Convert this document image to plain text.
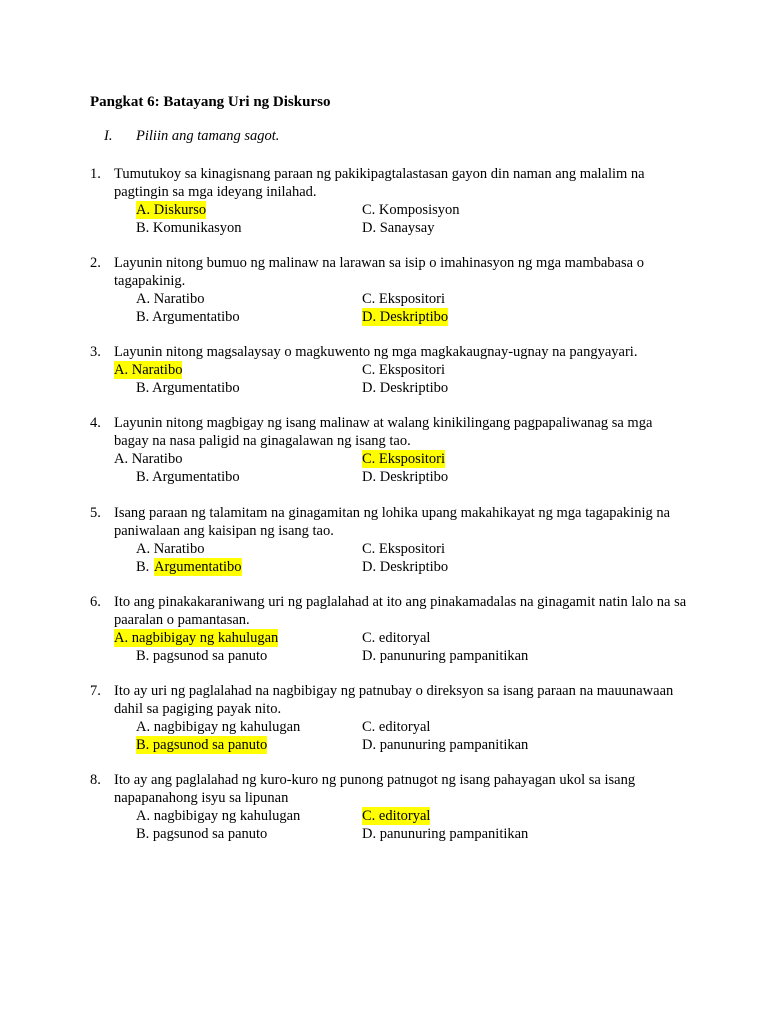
Pangkat 6: Batayang Uri ng Diskurso
I. Piliin ang tamang sagot.
1. Tumutukoy sa kinagisnang paraan ng pakikipagtalastasan gayon din naman ang malalim na pagtingin sa mga ideyang inilahad.
A. Diskurso	C. Komposisyon
B. Komunikasyon	D. Sanaysay
2. Layunin nitong bumuo ng malinaw na larawan sa isip o imahinasyon ng mga mambabasa o tagapakinig.
A. Naratibo	C. Ekspositori
B. Argumentatibo	D. Deskriptibo
3. Layunin nitong magsalaysay o magkuwento ng mga magkakaugnay-ugnay na pangyayari.
A. Naratibo	C. Ekspositori
B. Argumentatibo	D. Deskriptibo
4. Layunin nitong magbigay ng isang malinaw at walang kinikilingang pagpapaliwanag sa mga bagay na nasa paligid na ginagalawan ng isang tao.
A. Naratibo	C. Ekspositori
B. Argumentatibo	D. Deskriptibo
5. Isang paraan ng talamitam na ginagamitan ng lohika upang makahikayat ng mga tagapakinig na paniwalaan ang kaisipan ng isang tao.
A. Naratibo	C. Ekspositori
B. Argumentatibo	D. Deskriptibo
6. Ito ang pinakakaraniwang uri ng paglalahad at ito ang pinakamadalas na ginagamit natin lalo na sa paaralan o pamantasan.
A. nagbibigay ng kahulugan	C. editoryal
B. pagsunod sa panuto	D. panunuring pampanitikan
7. Ito ay uri ng paglalahad na nagbibigay ng patnubay o direksyon sa isang paraan na mauunawaan dahil sa pagiging payak nito.
A. nagbibigay ng kahulugan	C. editoryal
B. pagsunod sa panuto	D. panunuring pampanitikan
8. Ito ay ang paglalahad ng kuro-kuro ng punong patnugot ng isang pahayagan ukol sa isang napapanahong isyu sa lipunan
A. nagbibigay ng kahulugan	C. editoryal
B. pagsunod sa panuto	D. panunuring pampanitikan
